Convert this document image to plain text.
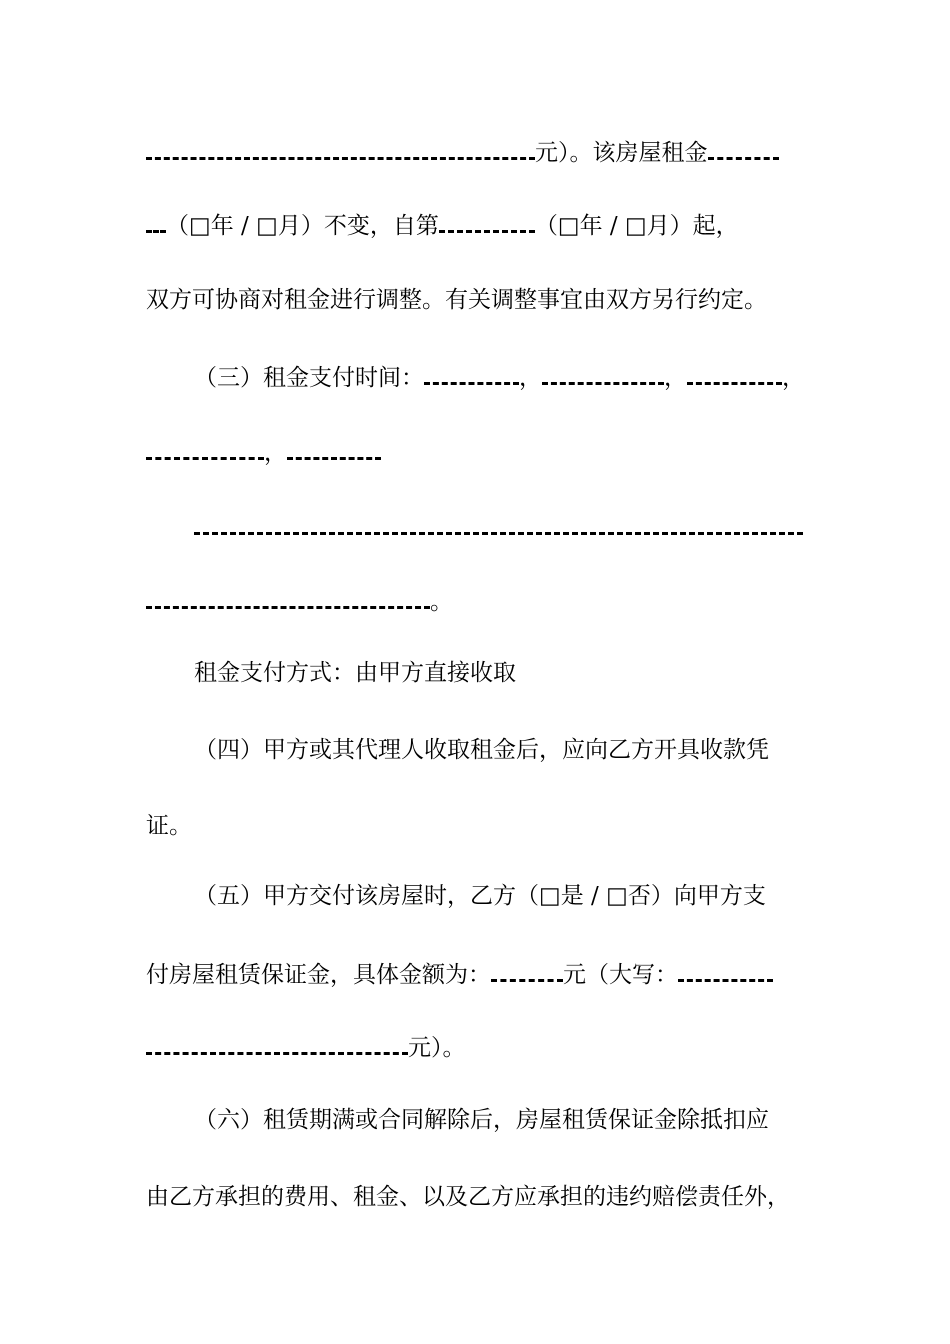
元）。该房屋租金
（□年 / □月）不变，自第	（□年 / □月）起，
双方可协商对租金进行调整。有关调整事宜由双方另行约定。
（三）租金支付时间：	，	，	，
，
。
租金支付方式：由甲方直接收取
（四）甲方或其代理人收取租金后，应向乙方开具收款凭
证。
（五）甲方交付该房屋时，乙方（□是 / □否）向甲方支
付房屋租赁保证金，具体金额为：	元（大写：
元）。
（六）租赁期满或合同解除后，房屋租赁保证金除抵扣应
由乙方承担的费用、租金、以及乙方应承担的违约赔偿责任外，
